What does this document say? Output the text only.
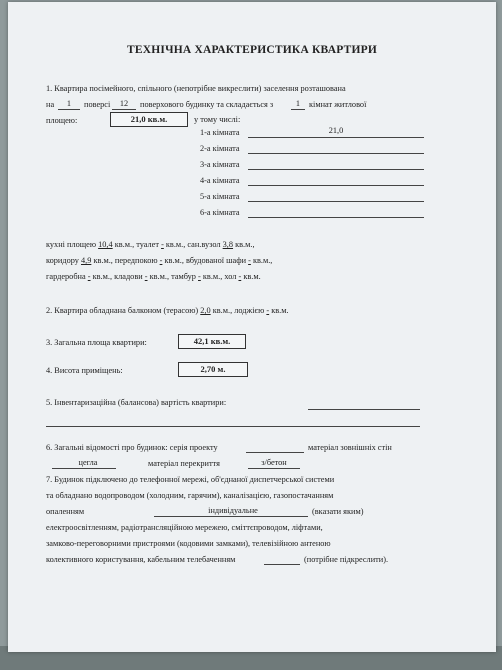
ТЕХНІЧНА ХАРАКТЕРИСТИКА КВАРТИРИ
1. Квартира посімейного, спільного (непотрібне викреслити) заселення розташована
на	1	поверсі	12	поверхового будинку та складається з	1	кімнат житлової
площею:	21,0 кв.м.	у тому числі:
1-а кімната	21,0
2-а кімната
3-а кімната
4-а кімната
5-а кімната
6-а кімната
кухні площею 10,4 кв.м., туалет - кв.м., сан.вузол 3,8 кв.м.,
коридору 4,9 кв.м., передпокою - кв.м., вбудованої шафи - кв.м.,
гардеробна - кв.м., кладови - кв.м., тамбур - кв.м., хол - кв.м.
2. Квартира обладнана балконом (терасою) 2,0 кв.м., лоджією - кв.м.
3. Загальна площа квартири:	42,1 кв.м.
4. Висота приміщень:	2,70 м.
5. Інвентаризаційна (балансова) вартість квартири:
6. Загальні відомості про будинок: серія проекту	матеріал зовнішніх стін
цегла	матеріал перекриття	з/бетон
7. Будинок підключено до телефонної мережі, об'єднаної диспетчерської системи
та обладнано водопроводом (холодним, гарячим), каналізацією, газопостачанням
опаленням	індивідуальне	(вказати яким)
електроосвітленням, радіотрансляційною мережею, сміттєпроводом, ліфтами,
замково-переговорними пристроями (кодовими замками), телевізійною антеною
колективного користування, кабельним телебаченням	(потрібне підкреслити).
